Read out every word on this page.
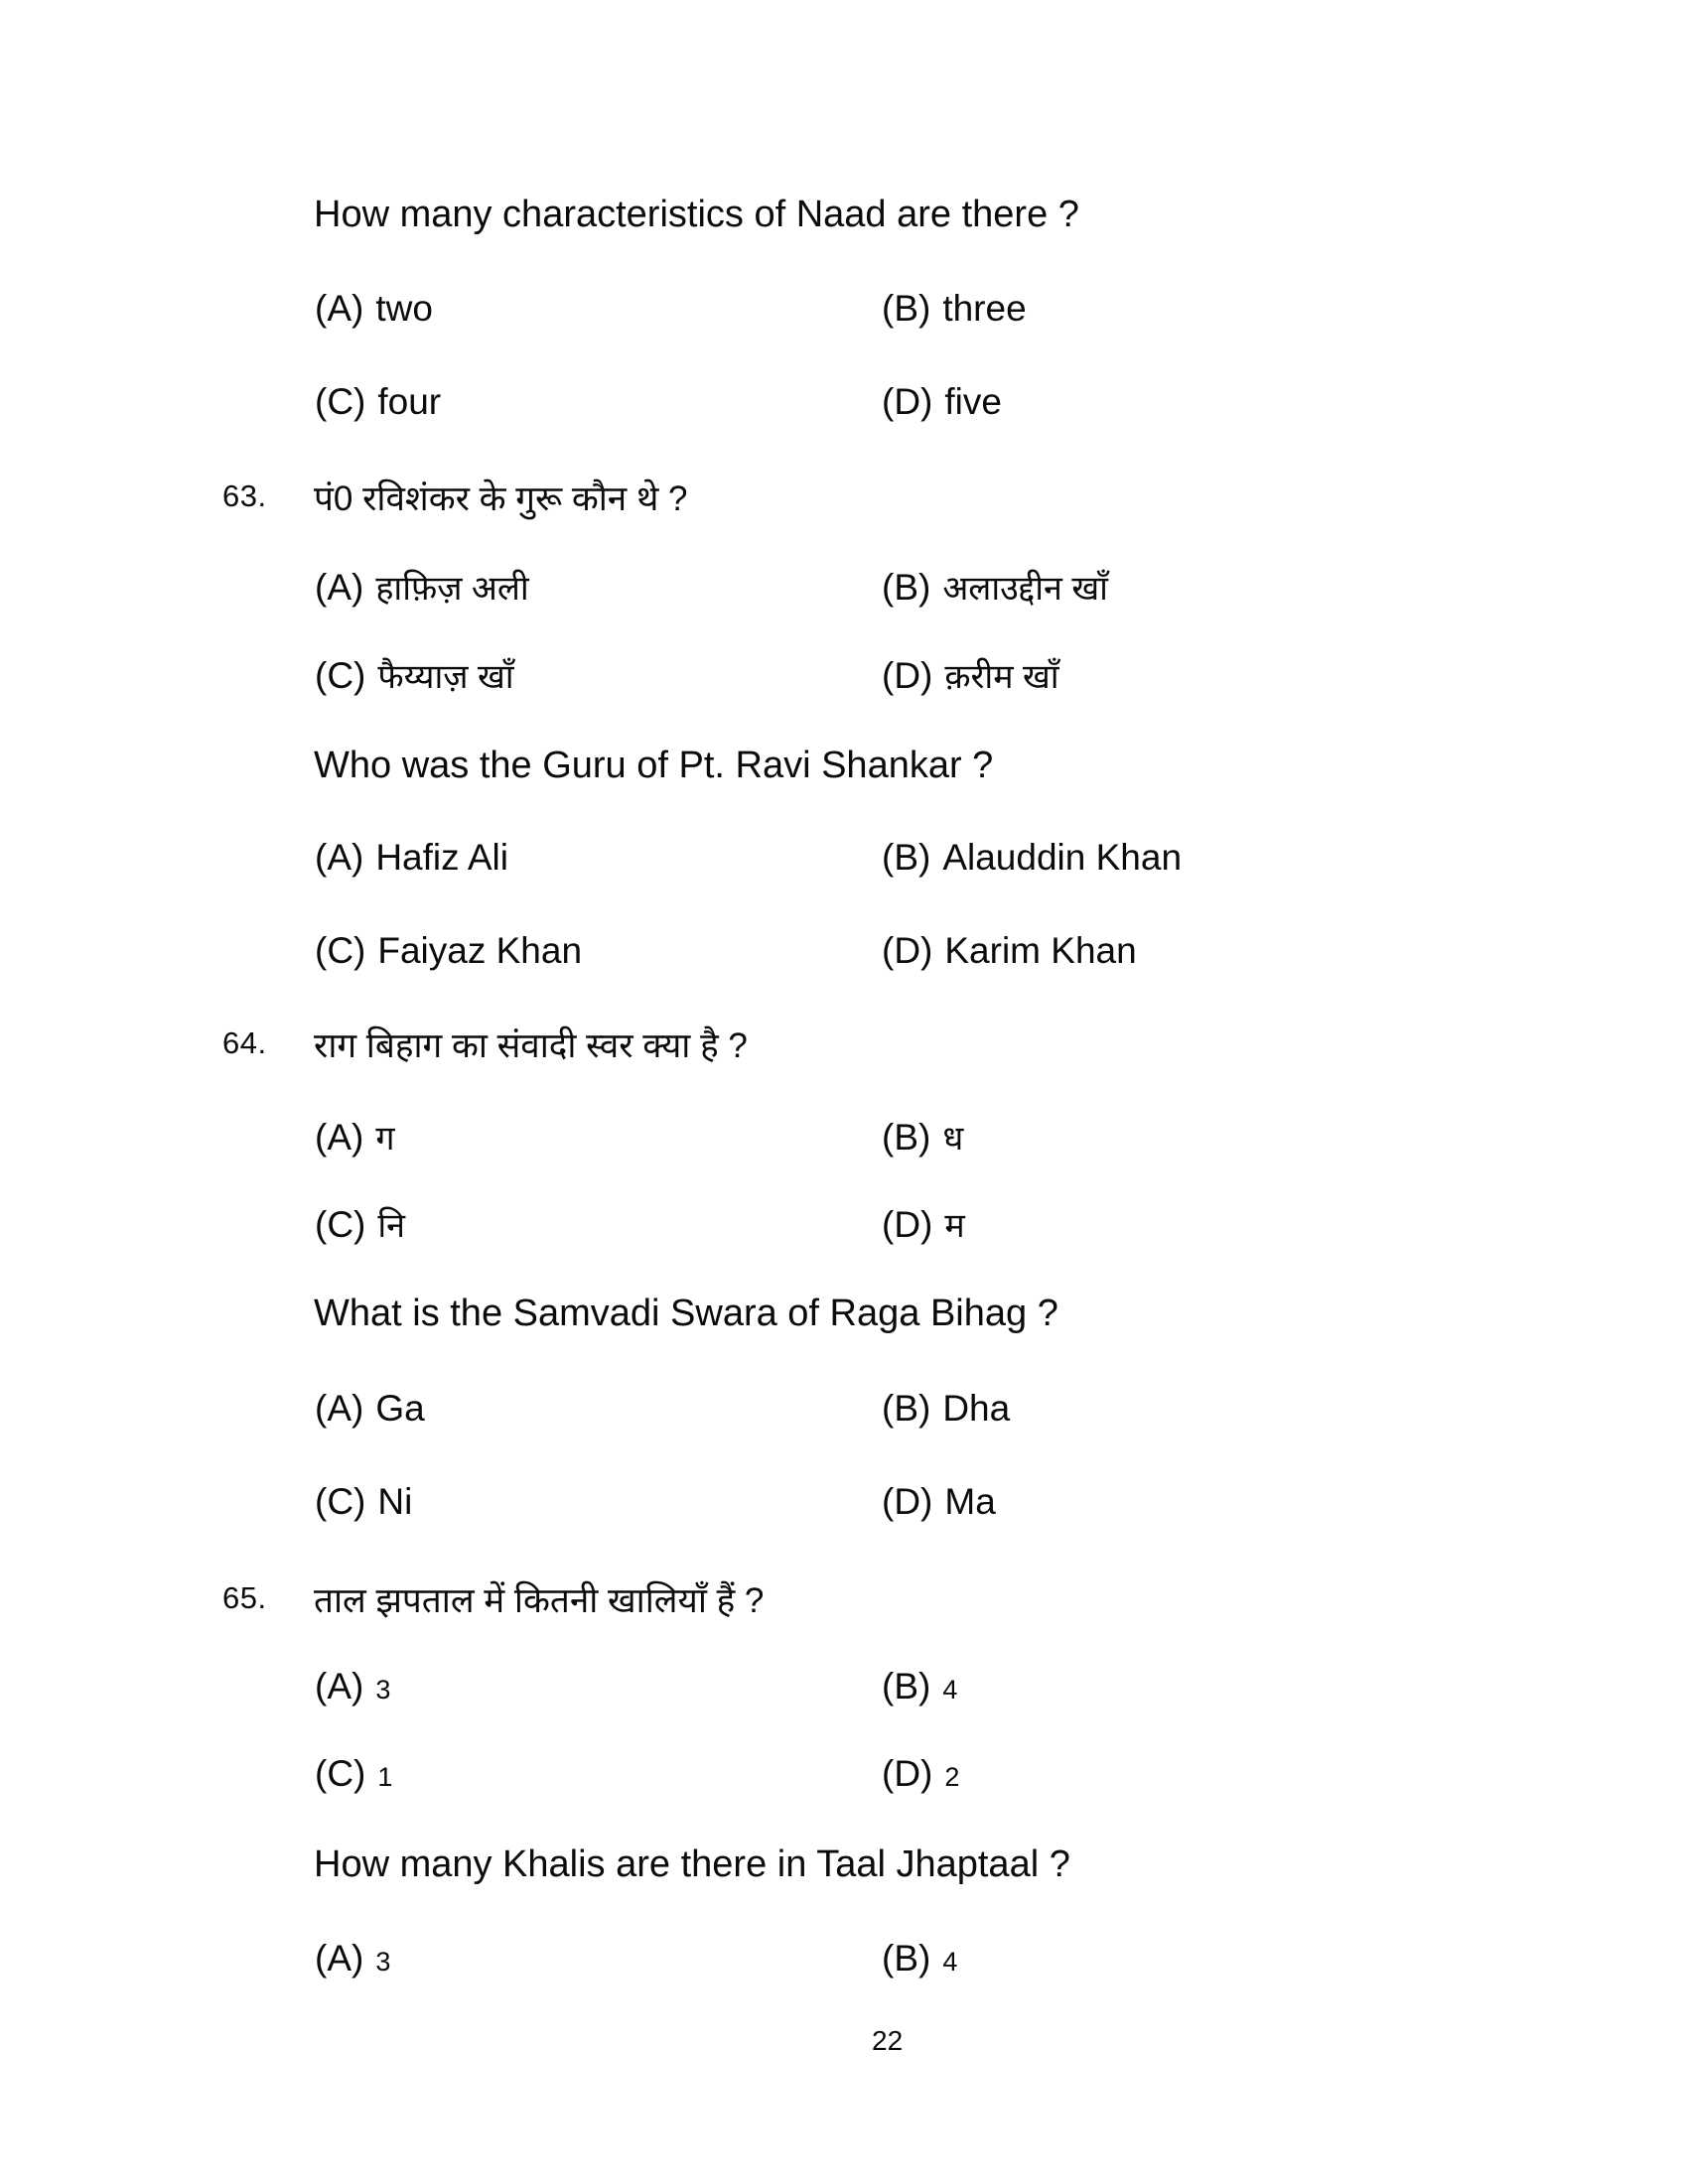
How many characteristics of Naad are there ?
(A) two	(B) three
(C) four	(D) five
63. पं0 रविशंकर के गुरू कौन थे ?
(A) हाफ़िज़ अली	(B) अलाउद्दीन खाँ
(C) फैय्याज़ खाँ	(D) क़रीम खाँ
Who was the Guru of Pt. Ravi Shankar ?
(A) Hafiz Ali	(B) Alauddin Khan
(C) Faiyaz Khan	(D) Karim Khan
64. राग बिहाग का संवादी स्वर क्या है ?
(A) ग	(B) ध
(C) नि	(D) म
What is the Samvadi Swara of Raga Bihag ?
(A) Ga	(B) Dha
(C) Ni	(D) Ma
65. ताल झपताल में कितनी खालियाँ हैं ?
(A) 3	(B) 4
(C) 1	(D) 2
How many Khalis are there in Taal Jhaptaal ?
(A) 3	(B) 4
22
